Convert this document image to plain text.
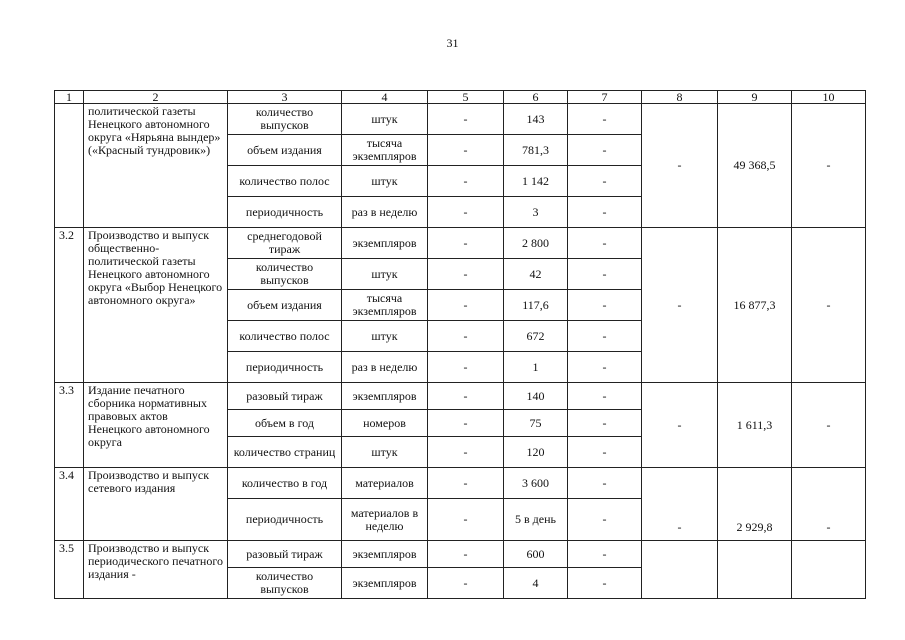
31
1	2	3	4	5	6	7	8	9	10
	политической газеты Ненецкого автономного округа «Нярьяна вындер» («Красный тундровик»)	количество выпусков	штук	-	143	-	-	49 368,5	-
		объем издания	тысяча экземпляров	-	781,3	-			
		количество полос	штук	-	1 142	-			
		периодичность	раз в неделю	-	3	-			
3.2	Производство и выпуск общественно-политической газеты Ненецкого автономного округа «Выбор Ненецкого автономного округа»	среднегодовой тираж	экземпляров	-	2 800	-	-	16 877,3	-
		количество выпусков	штук	-	42	-			
		объем издания	тысяча экземпляров	-	117,6	-			
		количество полос	штук	-	672	-			
		периодичность	раз в неделю	-	1	-			
3.3	Издание печатного сборника нормативных правовых актов Ненецкого автономного округа	разовый тираж	экземпляров	-	140	-	-	1 611,3	-
		объем в год	номеров	-	75	-			
		количество страниц	штук	-	120	-			
3.4	Производство и выпуск сетевого издания	количество в год	материалов	-	3 600	-	-	2 929,8	-
		периодичность	материалов в неделю	-	5 в день	-			
3.5	Производство и выпуск периодического печатного издания -	разовый тираж	экземпляров	-	600	-			
		количество выпусков	экземпляров	-	4	-			
